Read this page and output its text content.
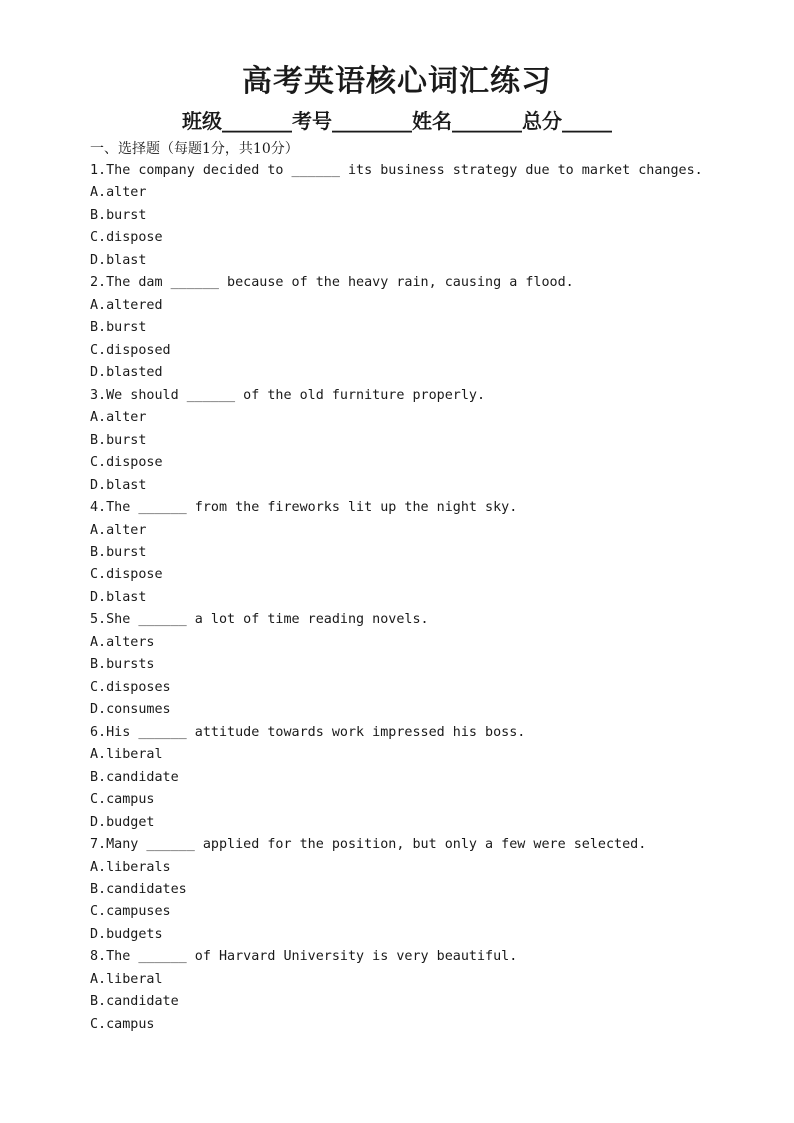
高考英语核心词汇练习
班级_______考号________姓名_______总分_____
一、选择题（每题1分，共10分）
1.The company decided to ______ its business strategy due to market changes.
A.alter
B.burst
C.dispose
D.blast
2.The dam ______ because of the heavy rain, causing a flood.
A.altered
B.burst
C.disposed
D.blasted
3.We should ______ of the old furniture properly.
A.alter
B.burst
C.dispose
D.blast
4.The ______ from the fireworks lit up the night sky.
A.alter
B.burst
C.dispose
D.blast
5.She ______ a lot of time reading novels.
A.alters
B.bursts
C.disposes
D.consumes
6.His ______ attitude towards work impressed his boss.
A.liberal
B.candidate
C.campus
D.budget
7.Many ______ applied for the position, but only a few were selected.
A.liberals
B.candidates
C.campuses
D.budgets
8.The ______ of Harvard University is very beautiful.
A.liberal
B.candidate
C.campus
